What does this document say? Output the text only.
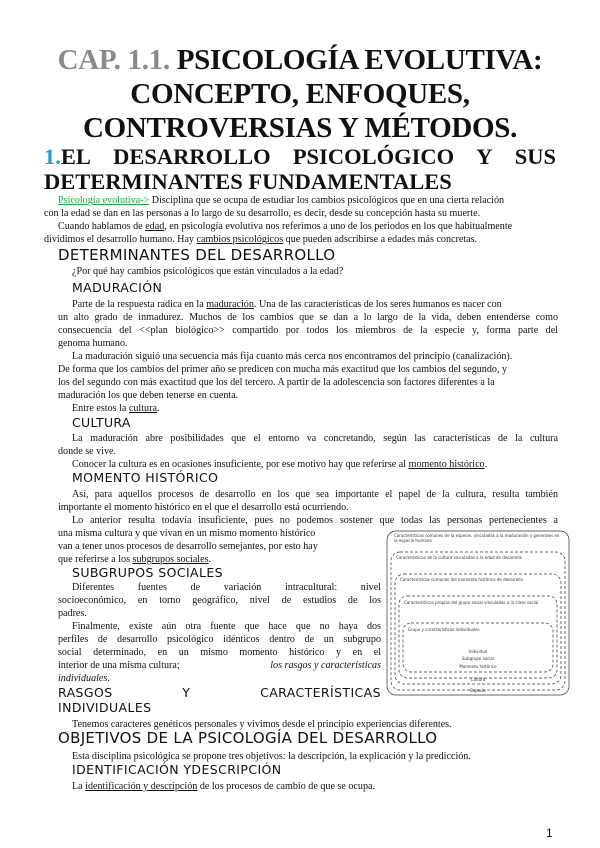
CAP. 1.1. PSICOLOGÍA EVOLUTIVA:
CONCEPTO, ENFOQUES,
CONTROVERSIAS Y MÉTODOS.
1.EL DESARROLLO PSICOLÓGICO Y SUS
DETERMINANTES FUNDAMENTALES
Psicología evolutiva-> Disciplina que se ocupa de estudiar los cambios psicológicos que en una cierta relación
con la edad se dan en las personas a lo largo de su desarrollo, es decir, desde su concepción hasta su muerte.
Cuando hablamos de edad, en psicología evolutiva nos referimos a uno de los periodos en los que habitualmente
dividimos el desarrollo humano. Hay cambios psicológicos que pueden adscribirse a edades más concretas.
DETERMINANTES DEL DESARROLLO
¿Por qué hay cambios psicológicos que están vinculados a la edad?
MADURACIÓN
Parte de la respuesta radica en la maduración. Una de las características de los seres humanos es nacer con
un alto grado de inmadurez. Muchos de los cambios que se dan a lo largo de la vida, deben entenderse como
consecuencia del <<plan biológico>> compartido por todos los miembros de la especie y, forma parte del
genoma humano.
La maduración siguió una secuencia más fija cuanto más cerca nos encontramos del principio (canalización).
De forma que los cambios del primer año se predicen con mucha más exactitud que los cambios del segundo, y
los del segundo con más exactitud que los del tercero. A partir de la adolescencia son factores diferentes a la
maduración los que deben tenerse en cuenta.
Entre estos la cultura.
CULTURA
La maduración abre posibilidades que el entorno va concretando, según las características de la cultura
donde se vive.
Conocer la cultura es en ocasiones insuficiente, por ese motivo hay que referirse al momento histórico.
MOMENTO HISTÓRICO
Así, para aquellos procesos de desarrollo en los que sea importante el papel de la cultura, resulta también
importante el momento histórico en el que el desarrollo está ocurriendo.
Lo anterior resulta todavía insuficiente, pues no podemos sostener que todas las personas pertenecientes a
una misma cultura y que vivan en un mismo momento histórico
van a tener unos procesos de desarrollo semejantes, por esto hay
que referirse a los subgrupos sociales.
SUBGRUPOS SOCIALES
Diferentes fuentes de variación intracultural: nivel
socioeconómico, en torno geográfico, nivel de estudios de los
padres.
Finalmente, existe aún otra fuente que hace que no haya dos
perfiles de desarrollo psicológico idénticos dentro de un subgrupo
social determinado, en un mismo momento histórico y en el
interior de una misma cultura;	los rasgos y características
individuales.
RASGOS	Y	CARACTERÍSTICAS
INDIVIDUALES
Tenemos caracteres genéticos personales y vivimos desde el principio experiencias diferentes.
OBJETIVOS DE LA PSICOLOGÍA DEL DESARROLLO
Esta disciplina psicológica se propone tres objetivos: la descripción, la explicación y la predicción.
IDENTIFICACIÓN YDESCRIPCIÓN
La identificación y descripción de los procesos de cambio de que se ocupa.
Características comunes de la especie, vinculadas a la maduración y generales en la especie humana
Características de la cultura vinculadas a la edad de desarrollo
Características comunes del momento histórico de desarrollo
Características propias del grupo social vinculadas a la clase social
Grupo y características individuales
Individuo
Subgrupo social
Momento histórico
Cultura
Especie
1
